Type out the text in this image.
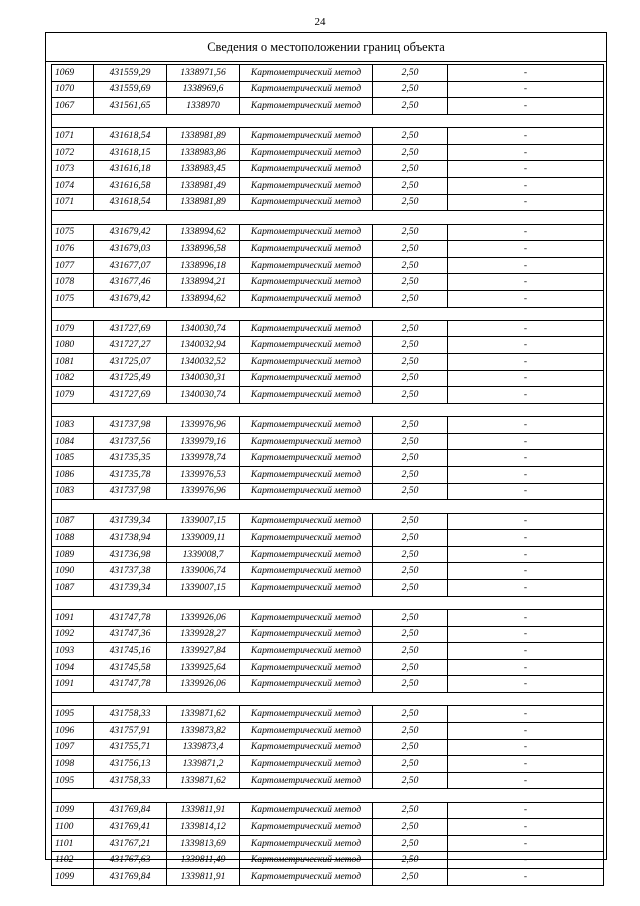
24
Сведения о местоположении границ объекта
1069	431559,29	1338971,56	Картометрический метод	2,50	-
1070	431559,69	1338969,6	Картометрический метод	2,50	-
1067	431561,65	1338970	Картометрический метод	2,50	-

1071	431618,54	1338981,89	Картометрический метод	2,50	-
1072	431618,15	1338983,86	Картометрический метод	2,50	-
1073	431616,18	1338983,45	Картометрический метод	2,50	-
1074	431616,58	1338981,49	Картометрический метод	2,50	-
1071	431618,54	1338981,89	Картометрический метод	2,50	-

1075	431679,42	1338994,62	Картометрический метод	2,50	-
1076	431679,03	1338996,58	Картометрический метод	2,50	-
1077	431677,07	1338996,18	Картометрический метод	2,50	-
1078	431677,46	1338994,21	Картометрический метод	2,50	-
1075	431679,42	1338994,62	Картометрический метод	2,50	-

1079	431727,69	1340030,74	Картометрический метод	2,50	-
1080	431727,27	1340032,94	Картометрический метод	2,50	-
1081	431725,07	1340032,52	Картометрический метод	2,50	-
1082	431725,49	1340030,31	Картометрический метод	2,50	-
1079	431727,69	1340030,74	Картометрический метод	2,50	-

1083	431737,98	1339976,96	Картометрический метод	2,50	-
1084	431737,56	1339979,16	Картометрический метод	2,50	-
1085	431735,35	1339978,74	Картометрический метод	2,50	-
1086	431735,78	1339976,53	Картометрический метод	2,50	-
1083	431737,98	1339976,96	Картометрический метод	2,50	-

1087	431739,34	1339007,15	Картометрический метод	2,50	-
1088	431738,94	1339009,11	Картометрический метод	2,50	-
1089	431736,98	1339008,7	Картометрический метод	2,50	-
1090	431737,38	1339006,74	Картометрический метод	2,50	-
1087	431739,34	1339007,15	Картометрический метод	2,50	-

1091	431747,78	1339926,06	Картометрический метод	2,50	-
1092	431747,36	1339928,27	Картометрический метод	2,50	-
1093	431745,16	1339927,84	Картометрический метод	2,50	-
1094	431745,58	1339925,64	Картометрический метод	2,50	-
1091	431747,78	1339926,06	Картометрический метод	2,50	-

1095	431758,33	1339871,62	Картометрический метод	2,50	-
1096	431757,91	1339873,82	Картометрический метод	2,50	-
1097	431755,71	1339873,4	Картометрический метод	2,50	-
1098	431756,13	1339871,2	Картометрический метод	2,50	-
1095	431758,33	1339871,62	Картометрический метод	2,50	-

1099	431769,84	1339811,91	Картометрический метод	2,50	-
1100	431769,41	1339814,12	Картометрический метод	2,50	-
1101	431767,21	1339813,69	Картометрический метод	2,50	-
1102	431767,63	1339811,49	Картометрический метод	2,50	-
1099	431769,84	1339811,91	Картометрический метод	2,50	-
